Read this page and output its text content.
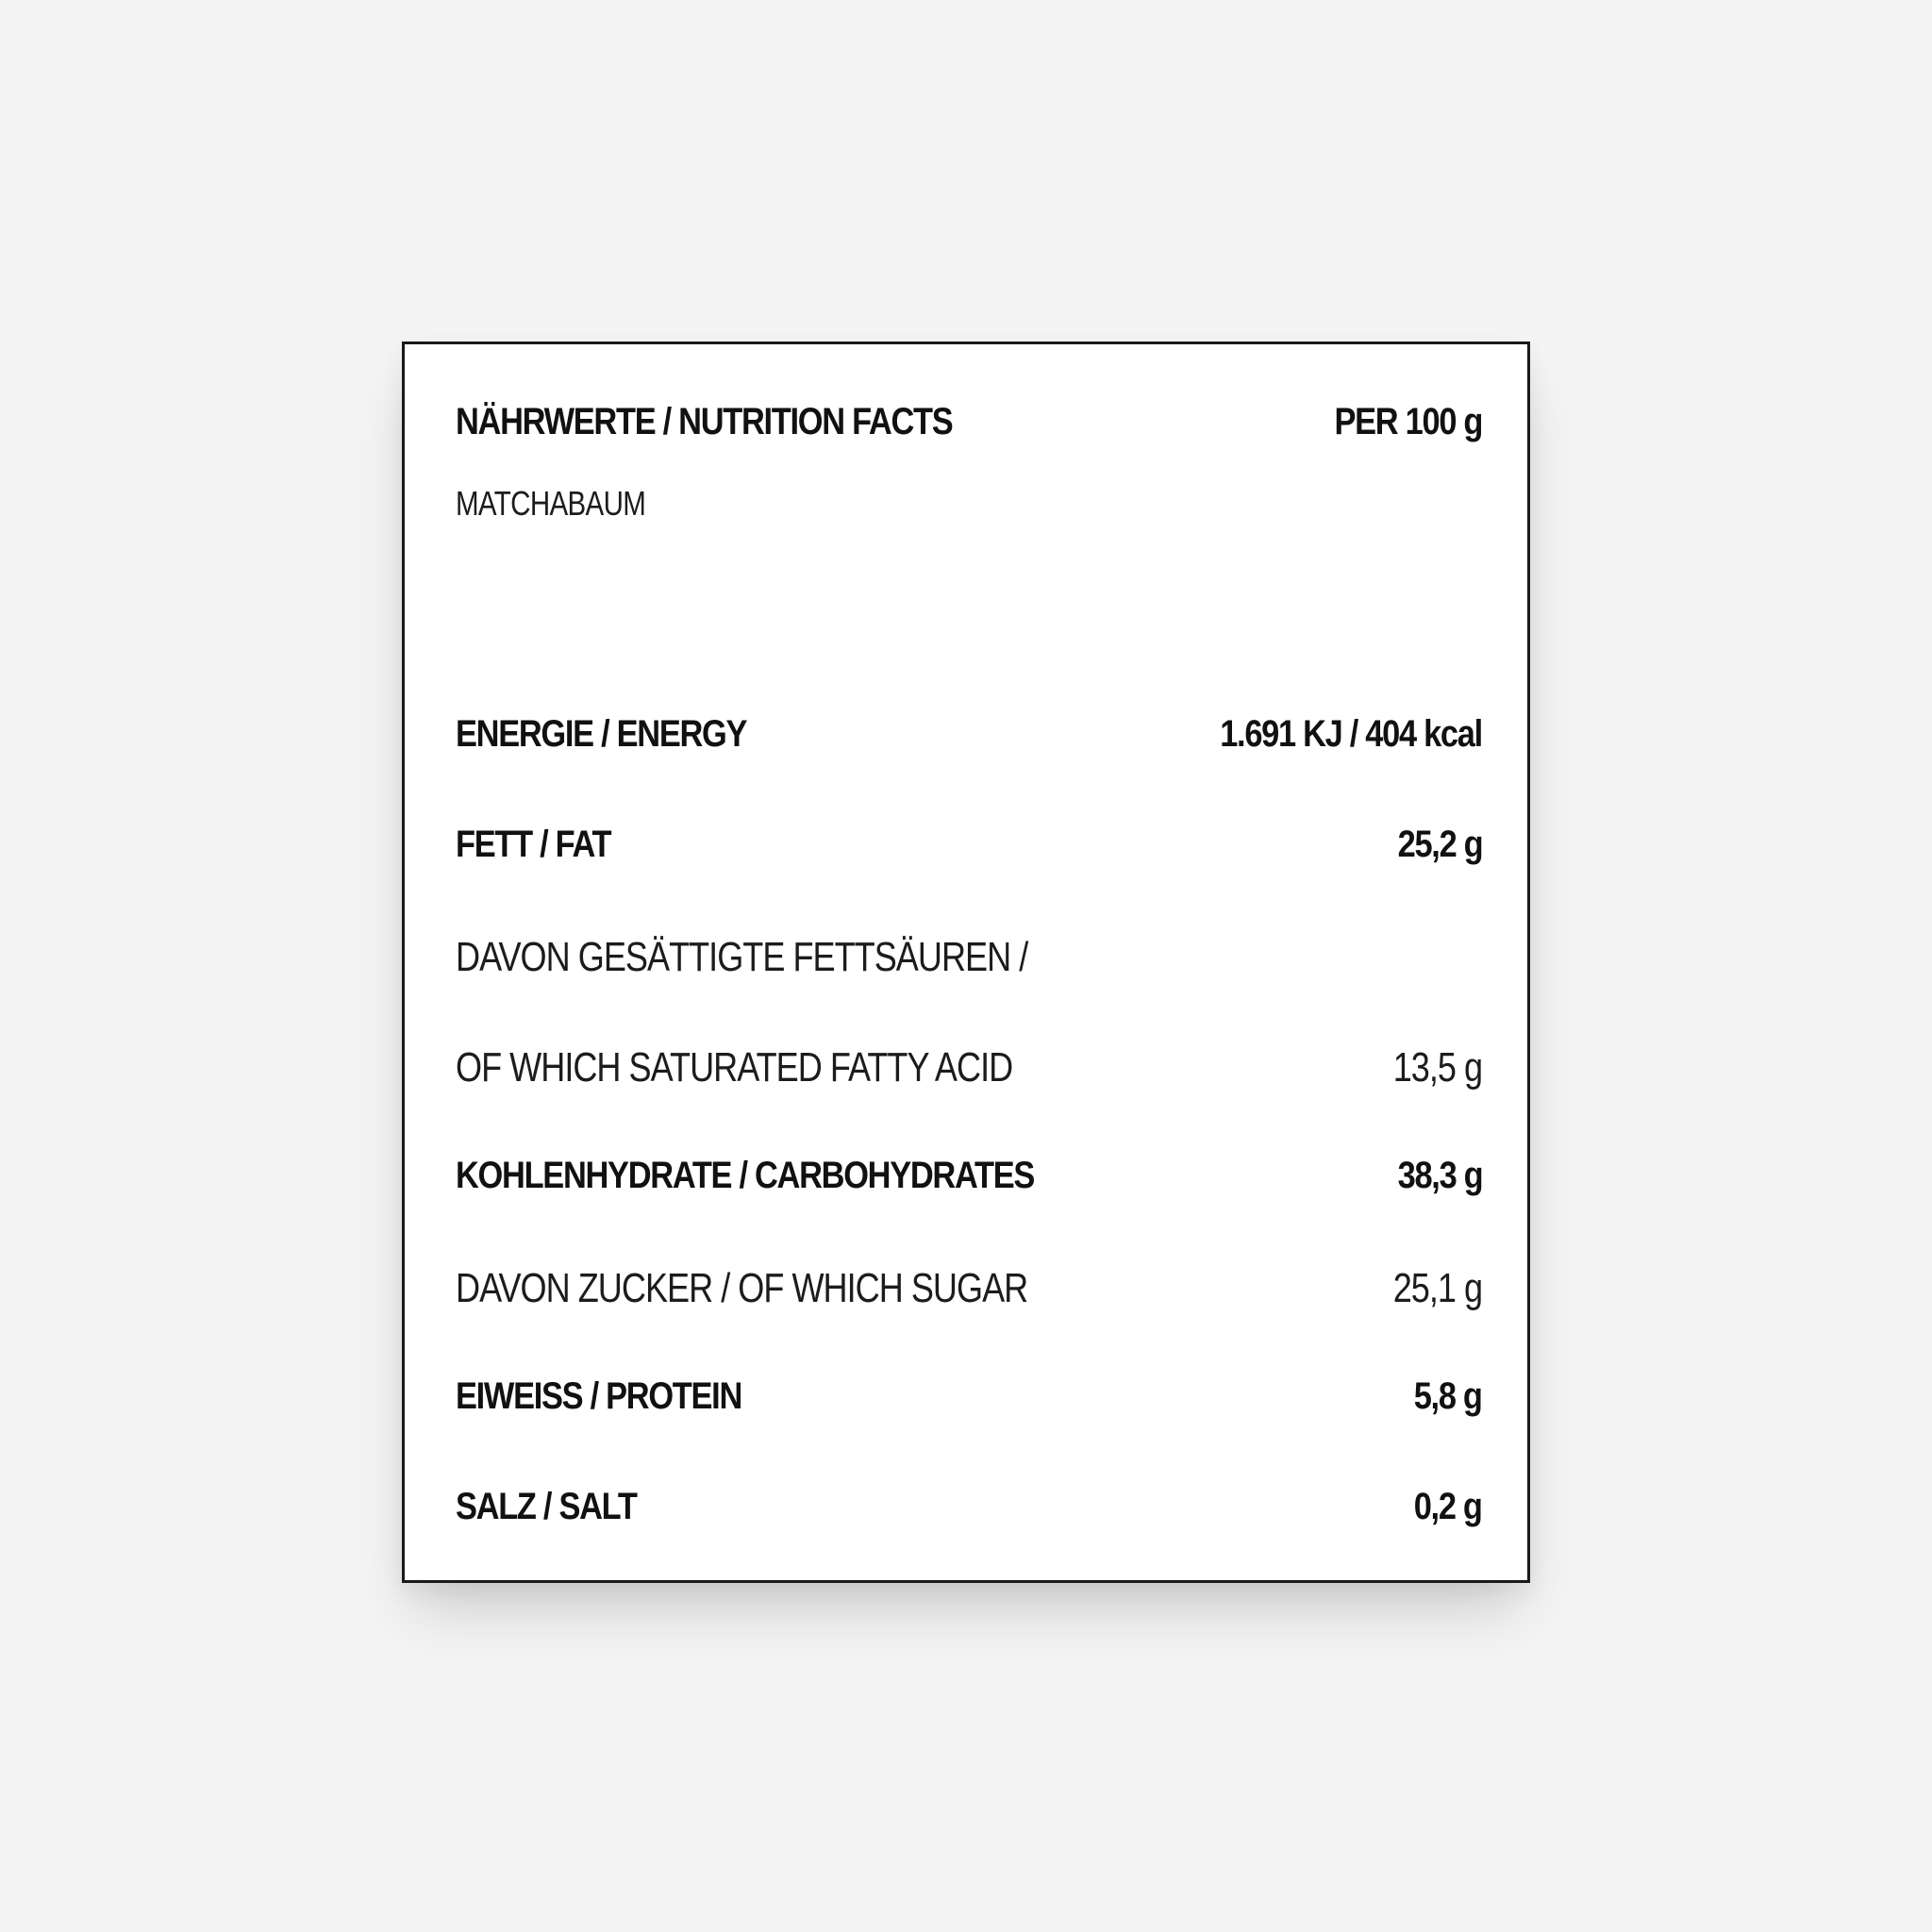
NÄHRWERTE / NUTRITION FACTS	PER 100 g
MATCHABAUM
ENERGIE / ENERGY	1.691 KJ / 404 kcal
FETT / FAT	25,2 g
DAVON GESÄTTIGTE FETTSÄUREN /
OF WHICH SATURATED FATTY ACID	13,5 g
KOHLENHYDRATE / CARBOHYDRATES	38,3 g
DAVON ZUCKER / OF WHICH SUGAR	25,1 g
EIWEISS / PROTEIN	5,8 g
SALZ / SALT	0,2 g
